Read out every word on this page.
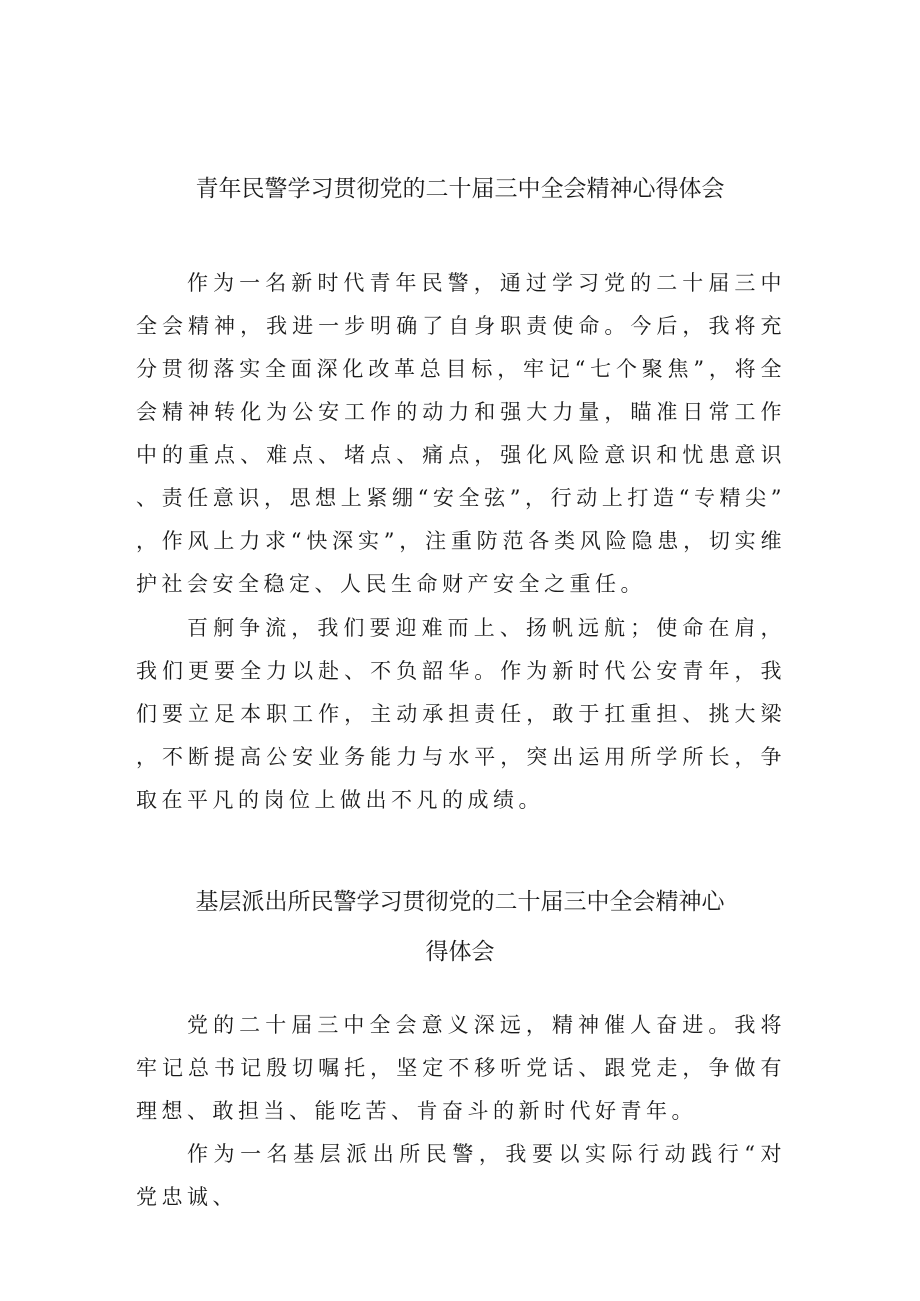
青年民警学习贯彻党的二十届三中全会精神心得体会

作为一名新时代青年民警，通过学习党的二十届三中全会精神，我进一步明确了自身职责使命。今后，我将充分贯彻落实全面深化改革总目标，牢记“七个聚焦”，将全会精神转化为公安工作的动力和强大力量，瞄准日常工作中的重点、难点、堵点、痛点，强化风险意识和忧患意识、责任意识，思想上紧绷“安全弦”，行动上打造“专精尖”，作风上力求“快深实”，注重防范各类风险隐患，切实维护社会安全稳定、人民生命财产安全之重任。

百舸争流，我们要迎难而上、扬帆远航；使命在肩，我们更要全力以赴、不负韶华。作为新时代公安青年，我们要立足本职工作，主动承担责任，敢于扛重担、挑大梁，不断提高公安业务能力与水平，突出运用所学所长，争取在平凡的岗位上做出不凡的成绩。

基层派出所民警学习贯彻党的二十届三中全会精神心
得体会

党的二十届三中全会意义深远，精神催人奋进。我将牢记总书记殷切嘱托，坚定不移听党话、跟党走，争做有理想、敢担当、能吃苦、肯奋斗的新时代好青年。

作为一名基层派出所民警，我要以实际行动践行“对党忠诚、
